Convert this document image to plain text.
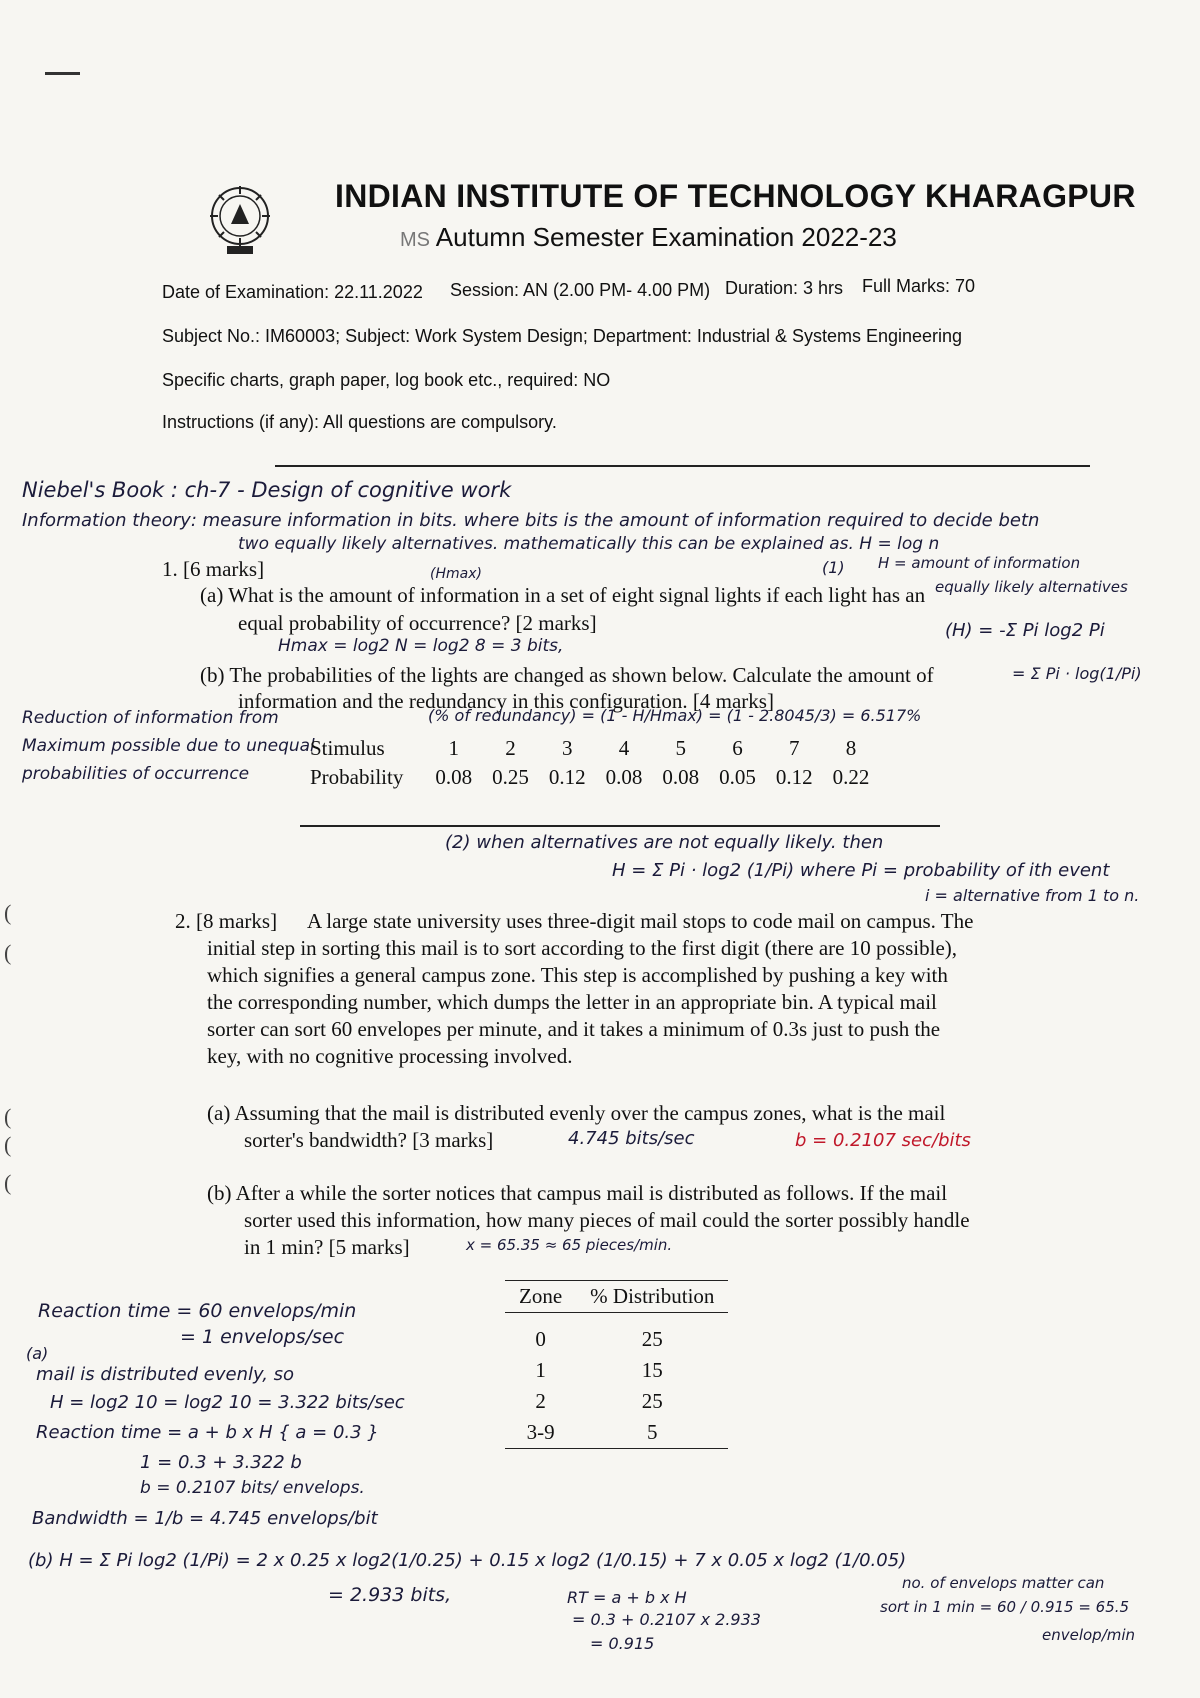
INDIAN INSTITUTE OF TECHNOLOGY KHARAGPUR
MS Autumn Semester Examination 2022-23
Date of Examination: 22.11.2022 Session: AN (2.00 PM- 4.00 PM) Duration: 3 hrs Full Marks: 70
Subject No.: IM60003; Subject: Work System Design; Department: Industrial & Systems Engineering
Specific charts, graph paper, log book etc., required: NO
Instructions (if any): All questions are compulsory.
Niebel's Book : ch-7 - Design of cognitive work
Information theory: measure information in bits. where bits is the amount of information required to decide betn
two equally likely alternatives. mathematically this can be explained as. H = log n
1. [6 marks]	(Hmax)	(1) H = amount of information
(a) What is the amount of information in a set of eight signal lights if each light has an equally likely alternatives
equal probability of occurrence? [2 marks]
Hmax = log2 N = log2 8 = 3 bits,
(H) = -Σ Pi log2 Pi
(b) The probabilities of the lights are changed as shown below. Calculate the amount of	= Σ Pi · log(1/Pi)
information and the redundancy in this configuration. [4 marks]
(% of redundancy) = (1 - H/Hmax) = (1 - 2.8045/3) = 6.517%
Reduction of information from
Maximum possible due to unequal
probabilities of occurrence
Stimulus	1	2	3	4	5	6	7	8
Probability	0.08	0.25	0.12	0.08	0.08	0.05	0.12	0.22
(2) when alternatives are not equally likely. then
H = Σ Pi · log2 (1/Pi) where Pi = probability of ith event
i = alternative from 1 to n.
2. [8 marks] A large state university uses three-digit mail stops to code mail on campus. The
initial step in sorting this mail is to sort according to the first digit (there are 10 possible),
which signifies a general campus zone. This step is accomplished by pushing a key with
the corresponding number, which dumps the letter in an appropriate bin. A typical mail
sorter can sort 60 envelopes per minute, and it takes a minimum of 0.3s just to push the
key, with no cognitive processing involved.
(a) Assuming that the mail is distributed evenly over the campus zones, what is the mail
sorter's bandwidth? [3 marks]	4.745 bits/sec	b = 0.2107 sec/bits
(b) After a while the sorter notices that campus mail is distributed as follows. If the mail
sorter used this information, how many pieces of mail could the sorter possibly handle
in 1 min? [5 marks]	x = 65.35 ≈ 65 pieces/min.
Zone	% Distribution
0	25
1	15
2	25
3-9	5
Reaction time = 60 envelops/min
= 1 envelops/sec
(a)
mail is distributed evenly, so
H = log2 10 = log2 10 = 3.322 bits/sec
Reaction time = a + b x H { a = 0.3 }
1 = 0.3 + 3.322 b
b = 0.2107 bits/ envelops.
Bandwidth = 1/b = 4.745 envelops/bit
(b) H = Σ Pi log2 (1/Pi) = 2 x 0.25 x log2(1/0.25) + 0.15 x log2 (1/0.15) + 7 x 0.05 x log2 (1/0.05)
= 2.933 bits,	RT = a + b x H
= 0.3 + 0.2107 x 2.933
= 0.915
no. of envelops matter can
sort in 1 min = 60 / 0.915 = 65.5
envelop/min
(
(
(
(
(
